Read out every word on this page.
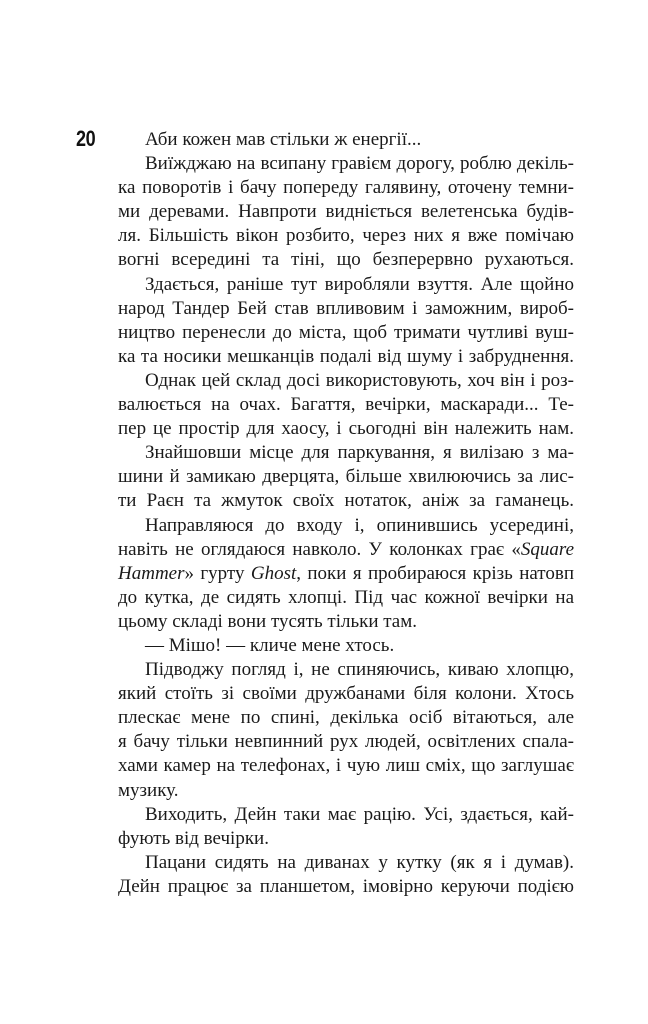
20	Аби кожен мав стільки ж енергії...
Виїжджаю на всипану гравієм дорогу, роблю декіль-
ка поворотів і бачу попереду галявину, оточену темни-
ми деревами. Навпроти видніється велетенська будів-
ля. Більшість вікон розбито, через них я вже помічаю
вогні всередині та тіні, що безперервно рухаються.
Здається, раніше тут виробляли взуття. Але щойно
народ Тандер Бей став впливовим і заможним, вироб-
ництво перенесли до міста, щоб тримати чутливі вуш-
ка та носики мешканців подалі від шуму і забруднення.
Однак цей склад досі використовують, хоч він і роз-
валюється на очах. Багаття, вечірки, маскаради... Те-
пер це простір для хаосу, і сьогодні він належить нам.
Знайшовши місце для паркування, я вилізаю з ма-
шини й замикаю дверцята, більше хвилюючись за лис-
ти Раєн та жмуток своїх нотаток, аніж за гаманець.
Направляюся до входу і, опинившись усередині,
навіть не оглядаюся навколо. У колонках грає «Square
Hammer» гурту Ghost, поки я пробираюся крізь натовп
до кутка, де сидять хлопці. Під час кожної вечірки на
цьому складі вони тусять тільки там.
— Мішо! — кличе мене хтось.
Підводжу погляд і, не спиняючись, киваю хлопцю,
який стоїть зі своїми дружбанами біля колони. Хтось
плескає мене по спині, декілька осіб вітаються, але
я бачу тільки невпинний рух людей, освітлених спала-
хами камер на телефонах, і чую лиш сміх, що заглушає
музику.
Виходить, Дейн таки має рацію. Усі, здається, кай-
фують від вечірки.
Пацани сидять на диванах у кутку (як я і думав).
Дейн працює за планшетом, імовірно керуючи подією
